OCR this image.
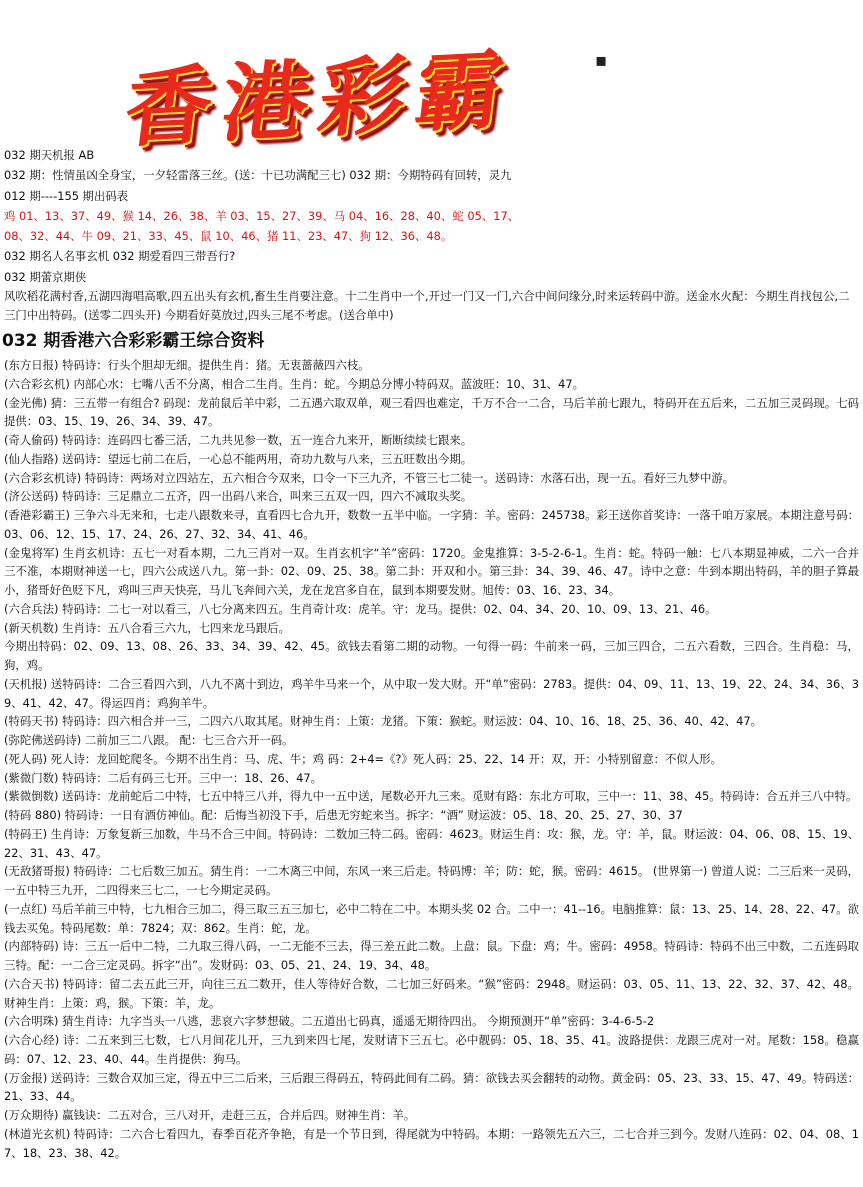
香港彩霸	▪
032 期天机报 AB
032 期：性情虽凶全身宝，一夕轻雷落三丝。(送：十已功满配三七) 032 期：今期特码有回转，灵九
012 期----155 期出码表
鸡 01、13、37、49、猴 14、26、38、羊 03、15、27、39、马 04、16、28、40、蛇 05、17、
08、32、44、牛 09、21、33、45、鼠 10、46、猪 11、23、47、狗 12、36、48。
032 期名人名事玄机 032 期爱看四三带吾行?
032 期蕾京期侠
风吹稻花满村香,五湖四海唱高歌,四五出头有玄机,畜生生肖要注意。十二生肖中一个,开过一门又一门,六合中间问缘分,时来运转码中游。送金水火配：今期生肖找包公,二三门中出特码。(送零二四头开) 今期看好莫放过,四头三尾不考虑。(送合单中)
032 期香港六合彩彩霸王综合资料
(东方日报) 特码诗：行头个胆却无细。提供生肖：猪。无衷蔷薇四六枝。
(六合彩玄机) 内部心水：七嘴八舌不分离，相合二生肖。生肖：蛇。今期总分博小特码双。蓝波旺：10、31、47。
(金光佛) 猜：三五带一有组合? 码现：龙前鼠后羊中彩，二五遇六取双单，观三看四也难定，千万不合一二合，马后羊前七跟九，特码开在五后来，二五加三灵码现。七码提供：03、15、19、26、34、39、47。
(奇人偷码) 特码诗：连码四七番三活，二九共见参一数，五一连合九来开，断断续续七跟来。
(仙人指路) 送码诗：望远七前二在后，一心总不能两用，奇功九数与八来，三五旺数出今期。
(六合彩玄机诗) 特码诗：两场对立四站左，五六相合今双来，口令一下三九齐，不管三七二徒一。送码诗：水落石出，现一五。看好三九梦中游。
(济公送码) 特码诗：三足鼎立二五齐，四一出码八来合，叫来三五双一四，四六不减取头奖。
(香港彩霸王) 三争六斗无来和，七走八跟数来寻，直看四七合九开，数数一五半中临。一字猜：羊。密码：245738。彩王送你首奖诗：一落千咱万家展。本期注意号码：03、06、12、15、17、24、26、27、32、34、41、46。
(金鬼将军) 生肖玄机诗：五七一对看本期，二九三肖对一双。生肖玄机字“羊”密码：1720。金鬼推算：3-5-2-6-1。生肖：蛇。特码一触：七八本期显神威，二六一合并三不准，本期财神送一七，四六公成送八九。第一卦：02、09、25、38。第二卦：开双和小。第三卦：34、39、46、47。诗中之意：牛到本期出特码，羊的胆子算最小，猪哥好色贬下凡，鸡叫三声天快亮，马儿飞奔间六关，龙在龙宫多自在，鼠到本期要发财。旭传：03、16、23、34。
(六合兵法) 特码诗：二七一对以看三，八七分离来四五。生肖奇计攻：虎羊。守：龙马。提供：02、04、34、20、10、09、13、21、46。
(新天机数) 生肖诗：五八合看三六九，七四来龙马跟后。
今期出特码：02、09、13、08、26、33、34、39、42、45。欲钱去看第二期的动物。一句得一码：牛前来一码，三加三四合，二五六看数，三四合。生肖稳：马，狗，鸡。
(天机报) 送特码诗：二合三看四六到，八九不离十到边，鸡羊牛马来一个，从中取一发大财。开“单”密码：2783。提供：04、09、11、13、19、22、24、34、36、39、41、42、47。得运四肖：鸡狗羊牛。
(特码天书) 特码诗：四六相合并一三，二四六八取其尾。财神生肖：上策：龙猪。下策：猴蛇。财运波：04、10、16、18、25、36、40、42、47。
(弥陀佛送码诗) 二前加三二八跟。 配：七三合六开一码。
(死人码) 死人诗：龙回蛇爬冬。今期不出生肖：马、虎、牛；鸡 码：2+4=《?》死人码：25、22、14 开：双，开：小特别留意：不似人形。
(紫微门数) 特码诗：二后有码三七开。三中一：18、26、47。
(紫微倒数) 送码诗：龙前蛇后二中特，七五中特三八并，得九中一五中送，尾数必开九三来。觅财有路：东北方可取，三中一：11、38、45。特码诗：合五并三八中特。
(特码 880) 特码诗：一日有酒仿神仙。配：后悔当初没下手，后患无穷蛇来当。拆字：“酒” 财运波：05、18、20、25、27、30、37
(特码王) 生肖诗：万象复新三加数，牛马不合三中间。特码诗：二数加三特二码。密码：4623。财运生肖：攻：猴，龙。守：羊，鼠。财运波：04、06、08、15、19、22、31、43、47。
(无敌猪哥报) 特码诗：二七后数三加五。猜生肖：一二木离三中间，东风一来三后走。特码博：羊；防：蛇，猴。密码：4615。 (世界第一) 曾道人说：二三后来一灵码，一五中特三九开，二四得来三七二，一七今期定灵码。
(一点红) 马后羊前三中特，七九相合三加二，得三取三五三加七，必中二特在二中。本期头奖 02 合。二中一：41--16。电脑推算：鼠：13、25、14、28、22、47。欲钱去买兔。特码尾数：单：7824；双：862。生肖：蛇，龙。
(内部特码) 诗：三五一后中二特，二九取三得八码，一二无能不三去，得三差五此二数。上盘：鼠。下盘：鸡；牛。密码：4958。特码诗：特码不出三中数，二五连码取三特。配：一二合三定灵码。拆字“出”。发财码：03、05、21、24、19、34、48。
(六合天书) 特码诗：留二去五此三开，向往三五二数开，佳人等待好合数，二七加三好码来。“猴”密码：2948。财运码：03、05、11、13、22、32、37、42、48。财神生肖：上策：鸡，猴。下策：羊，龙。
(六合明珠) 猜生肖诗：九字当头一八逃，悲哀六字梦想破。二五道出七码真，遥遥无期待四出。 今期预测开“单”密码：3-4-6-5-2
(六合心经) 诗：二五来到三七数，七八月间花儿开，三九到来四七尾，发财请下三五七。必中靓码：05、18、35、41。波路提供：龙跟三虎对一对。尾数：158。稳赢码：07、12、23、40、44。生肖提供：狗马。
(万金报) 送码诗：三数合双加三定，得五中三二后来，三后跟三得码五，特码此间有二码。猜：欲钱去买会翻转的动物。黄金码：05、23、33、15、47、49。特码送：21、33、44。
(万众期待) 赢钱诀：二五对合，三八对开，走赶三五，合并后四。财神生肖：羊。
(林道光玄机) 特码诗：二六合七看四九，春季百花齐争艳，有是一个节日到，得尾就为中特码。本期：一路领先五六三，二七合并三到今。发财八连码：02、04、08、17、18、23、38、42。
